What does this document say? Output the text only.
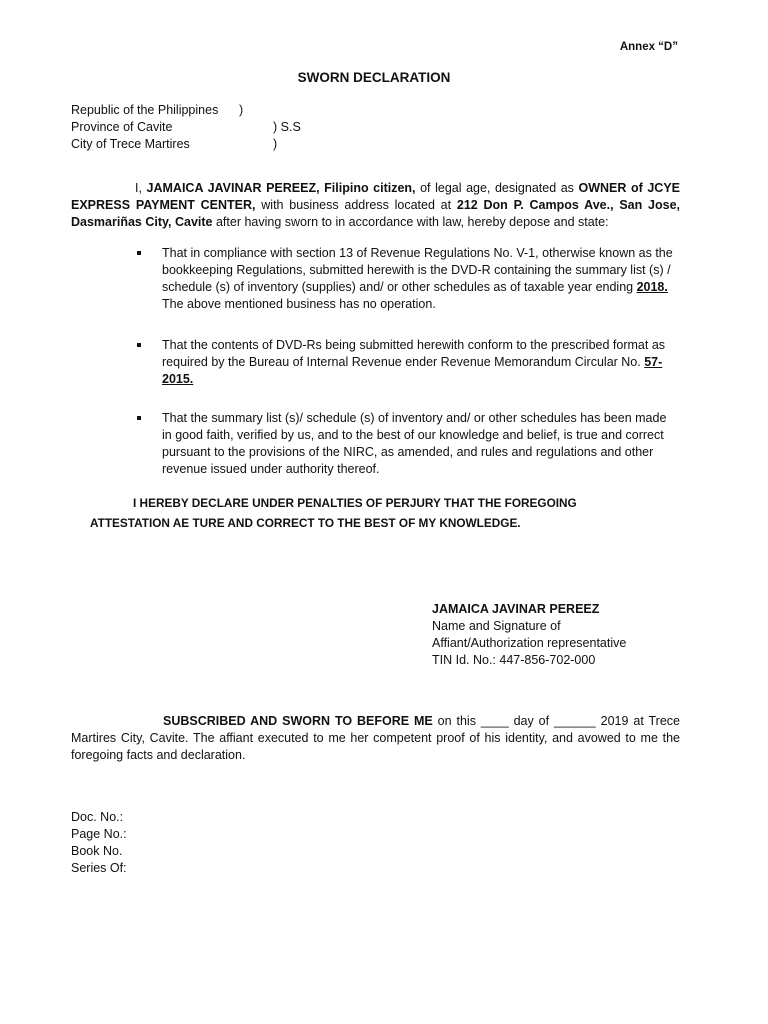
Annex “D”
SWORN DECLARATION
Republic of the Philippines )
Province of Cavite	) S.S
City of Trece Martires	)
I, JAMAICA JAVINAR PEREEZ, Filipino citizen, of legal age, designated as OWNER of JCYE EXPRESS PAYMENT CENTER, with business address located at 212 Don P. Campos Ave., San Jose, Dasmariñas City, Cavite after having sworn to in accordance with law, hereby depose and state:
That in compliance with section 13 of Revenue Regulations No. V-1, otherwise known as the bookkeeping Regulations, submitted herewith is the DVD-R containing the summary list (s) / schedule (s) of inventory (supplies) and/ or other schedules as of taxable year ending 2018. The above mentioned business has no operation.
That the contents of DVD-Rs being submitted herewith conform to the prescribed format as required by the Bureau of Internal Revenue ender Revenue Memorandum Circular No. 57-2015.
That the summary list (s)/ schedule (s) of inventory and/ or other schedules has been made in good faith, verified by us, and to the best of our knowledge and belief, is true and correct pursuant to the provisions of the NIRC, as amended, and rules and regulations and other revenue issued under authority thereof.
I HEREBY DECLARE UNDER PENALTIES OF PERJURY THAT THE FOREGOING
ATTESTATION AE TURE AND CORRECT TO THE BEST OF MY KNOWLEDGE.
JAMAICA JAVINAR PEREEZ
Name and Signature of
Affiant/Authorization representative
TIN Id. No.: 447-856-702-000
SUBSCRIBED AND SWORN TO BEFORE ME on this ____ day of ______ 2019 at Trece Martires City, Cavite. The affiant executed to me her competent proof of his identity, and avowed to me the foregoing facts and declaration.
Doc. No.:
Page No.:
Book No.
Series Of:
